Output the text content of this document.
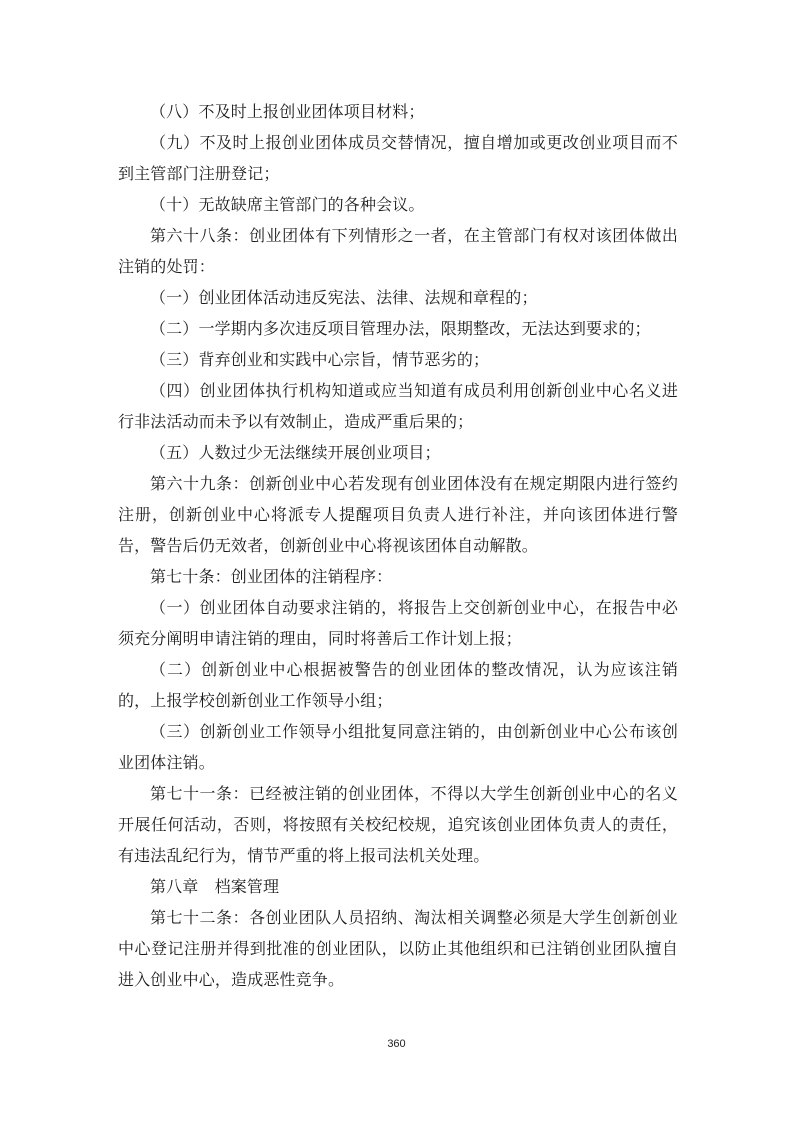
（八）不及时上报创业团体项目材料；

（九）不及时上报创业团体成员交替情况，擅自增加或更改创业项目而不到主管部门注册登记；

（十）无故缺席主管部门的各种会议。

第六十八条：创业团体有下列情形之一者，在主管部门有权对该团体做出注销的处罚：

（一）创业团体活动违反宪法、法律、法规和章程的；

（二）一学期内多次违反项目管理办法，限期整改，无法达到要求的；

（三）背弃创业和实践中心宗旨，情节恶劣的；

（四）创业团体执行机构知道或应当知道有成员利用创新创业中心名义进行非法活动而未予以有效制止，造成严重后果的；

（五）人数过少无法继续开展创业项目；

第六十九条：创新创业中心若发现有创业团体没有在规定期限内进行签约注册，创新创业中心将派专人提醒项目负责人进行补注，并向该团体进行警告，警告后仍无效者，创新创业中心将视该团体自动解散。

第七十条：创业团体的注销程序：

（一）创业团体自动要求注销的，将报告上交创新创业中心，在报告中必须充分阐明申请注销的理由，同时将善后工作计划上报；

（二）创新创业中心根据被警告的创业团体的整改情况，认为应该注销的，上报学校创新创业工作领导小组；

（三）创新创业工作领导小组批复同意注销的，由创新创业中心公布该创业团体注销。

第七十一条：已经被注销的创业团体，不得以大学生创新创业中心的名义开展任何活动，否则，将按照有关校纪校规，追究该创业团体负责人的责任，有违法乱纪行为，情节严重的将上报司法机关处理。

第八章　档案管理

第七十二条：各创业团队人员招纳、淘汰相关调整必须是大学生创新创业中心登记注册并得到批准的创业团队，以防止其他组织和已注销创业团队擅自进入创业中心，造成恶性竞争。

360
